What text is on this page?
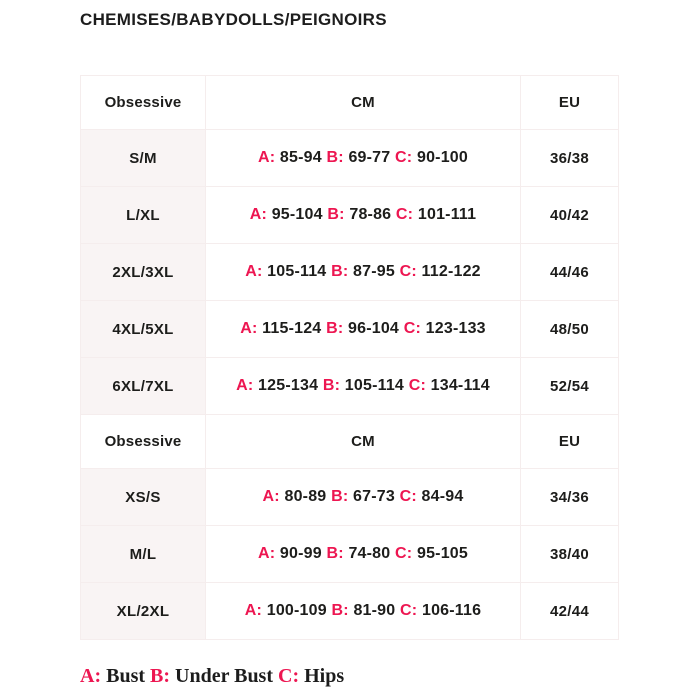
CHEMISES/BABYDOLLS/PEIGNOIRS
Obsessive	CM	EU
S/M	A: 85-94 B: 69-77 C: 90-100	36/38
L/XL	A: 95-104 B: 78-86 C: 101-111	40/42
2XL/3XL	A: 105-114 B: 87-95 C: 112-122	44/46
4XL/5XL	A: 115-124 B: 96-104 C: 123-133	48/50
6XL/7XL	A: 125-134 B: 105-114 C: 134-114	52/54
Obsessive	CM	EU
XS/S	A: 80-89 B: 67-73 C: 84-94	34/36
M/L	A: 90-99 B: 74-80 C: 95-105	38/40
XL/2XL	A: 100-109 B: 81-90 C: 106-116	42/44

A: Bust B: Under Bust C: Hips
